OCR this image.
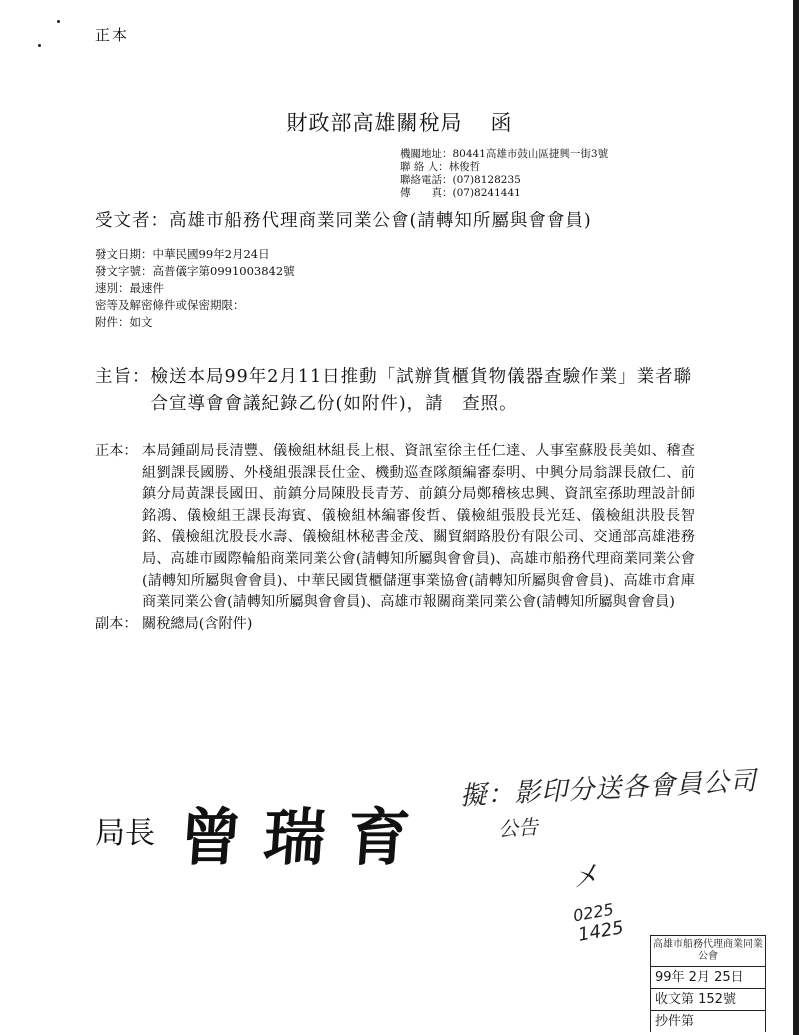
正本
財政部高雄關稅局 函
機關地址：80441高雄市鼓山區捷興一街3號
聯 絡 人：林俊哲
聯絡電話：(07)8128235
傳　　真：(07)8241441
受文者：高雄市船務代理商業同業公會(請轉知所屬與會會員)
發文日期：中華民國99年2月24日
發文字號：高普儀字第0991003842號
速別：最速件
密等及解密條件或保密期限：
附件：如文
主旨： 檢送本局99年2月11日推動「試辦貨櫃貨物儀器查驗作業」業者聯合宣導會會議紀錄乙份(如附件)，請　查照。
正本： 本局鍾副局長清豐、儀檢組林組長上根、資訊室徐主任仁達、人事室蘇股長美如、稽查組劉課長國勝、外棧組張課長仕金、機動巡查隊顏編審泰明、中興分局翁課長啟仁、前鎮分局黃課長國田、前鎮分局陳股長青芳、前鎮分局鄭稽核忠興、資訊室孫助理設計師銘鴻、儀檢組王課長海賓、儀檢組林編審俊哲、儀檢組張股長光廷、儀檢組洪股長智銘、儀檢組沈股長水壽、儀檢組林秘書金茂、關貿網路股份有限公司、交通部高雄港務局、高雄市國際輪船商業同業公會(請轉知所屬與會會員)、高雄市船務代理商業同業公會(請轉知所屬與會會員)、中華民國貨櫃儲運事業協會(請轉知所屬與會會員)、高雄市倉庫商業同業公會(請轉知所屬與會會員)、高雄市報關商業同業公會(請轉知所屬與會會員)
副本： 關稅總局(含附件)
局長 曾瑞育
擬：影印分送各會員公司
公告
㐅
0225
1425	高雄市船務代理商業同業公會
99年 2月 25日
收文第 152號
抄件第
